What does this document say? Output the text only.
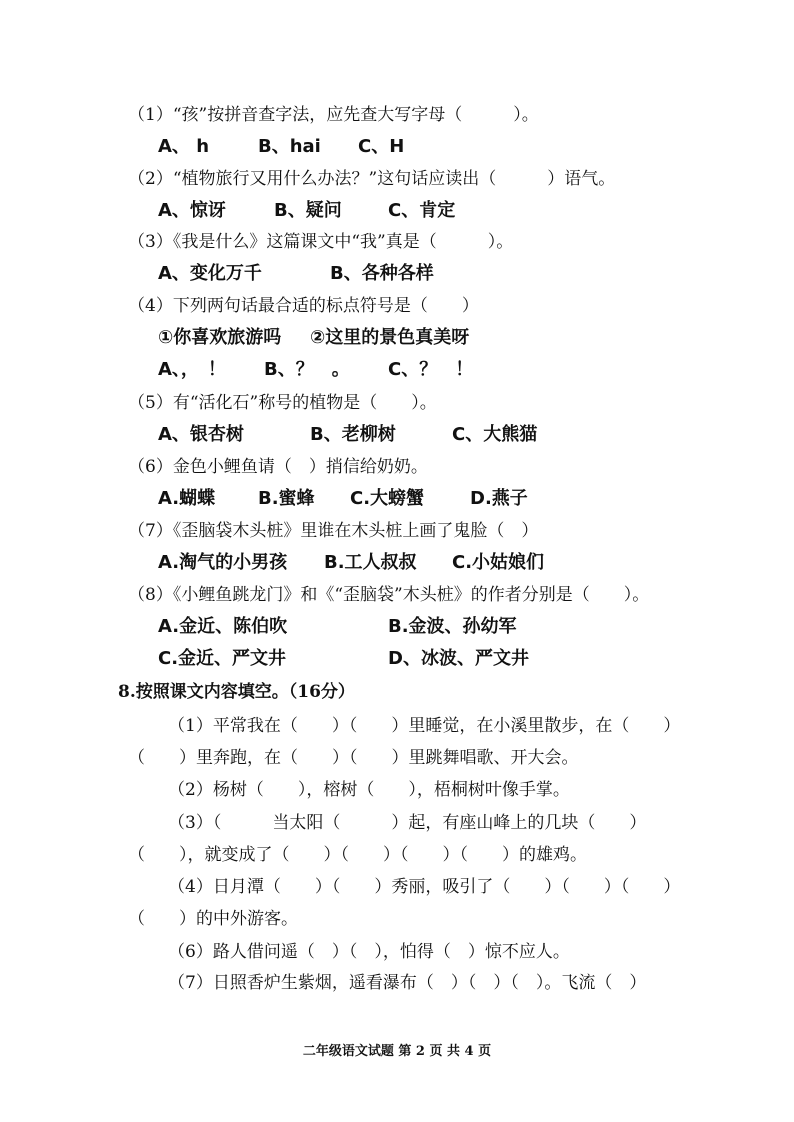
（1）“孩”按拼音查字法，应先查大写字母（　　　）。
A、 h	B、hai C、H
（2）“植物旅行又用什么办法？”这句话应读出（　　　）语气。
A、惊讶	B、疑问	C、肯定
（3）《我是什么》这篇课文中“我”真是（　　　）。
A、变化万千	B、各种各样
（4）下列两句话最合适的标点符号是（　　）
①你喜欢旅游吗 ②这里的景色真美呀
A、，　！ B、？　。 C、？　！
（5）有“活化石”称号的植物是（　　）。
A、银杏树	B、老柳树	C、大熊猫
（6）金色小鲤鱼请（　）捎信给奶奶。
A.蝴蝶 B.蜜蜂 C.大螃蟹	D.燕子
（7）《歪脑袋木头桩》里谁在木头桩上画了鬼脸（　）
A.淘气的小男孩 B.工人叔叔 C.小姑娘们
（8）《小鲤鱼跳龙门》和《“歪脑袋”木头桩》的作者分别是（　　）。
A.金近、陈伯吹	B.金波、孙幼军
C.金近、严文井	D、冰波、严文井
8.按照课文内容填空。（16分）
（1）平常我在（　　）（　　）里睡觉，在小溪里散步，在（　　）
（　　）里奔跑，在（　　）（　　）里跳舞唱歌、开大会。
（2）杨树（　　），榕树（　　），梧桐树叶像手掌。
（3）（　　　当太阳（　　　）起，有座山峰上的几块（　　）
（　　），就变成了（　　）（　　）（　　）（　　）的雄鸡。
（4）日月潭（　　）（　　）秀丽，吸引了（　　）（　　）（　　）
（　　）的中外游客。
（6）路人借问遥（　）（　），怕得（　）惊不应人。
（7）日照香炉生紫烟，遥看瀑布（　）（　）（　）。飞流（　）
二年级语文试题 第 2 页 共 4 页
